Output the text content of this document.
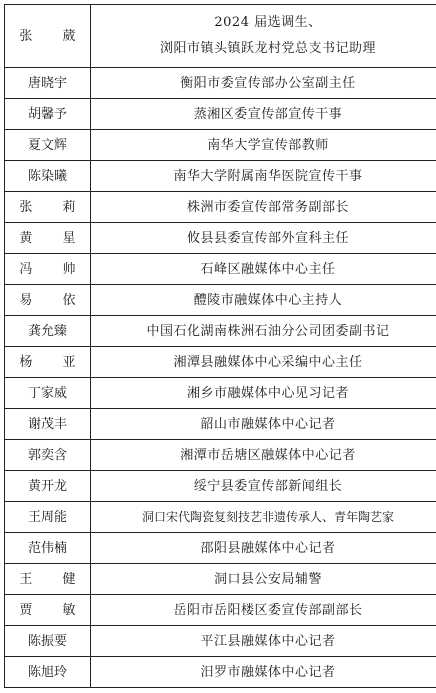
张 葳	2024 届选调生、
浏阳市镇头镇跃龙村党总支书记助理

唐晓宇	衡阳市委宣传部办公室副主任
胡馨予	蒸湘区委宣传部宣传干事
夏文辉	南华大学宣传部教师
陈染曦	南华大学附属南华医院宣传干事
张 莉	株洲市委宣传部常务副部长
黄 星	攸县县委宣传部外宣科主任
冯 帅	石峰区融媒体中心主任
易 依	醴陵市融媒体中心主持人
龚允臻	中国石化湖南株洲石油分公司团委副书记
杨 亚	湘潭县融媒体中心采编中心主任
丁家威	湘乡市融媒体中心见习记者
谢茂丰	韶山市融媒体中心记者
郭奕含	湘潭市岳塘区融媒体中心记者
黄开龙	绥宁县委宣传部新闻组长
王周能	洞口宋代陶瓷复刻技艺非遗传承人、青年陶艺家
范伟楠	邵阳县融媒体中心记者
王 健	洞口县公安局辅警
贾 敏	岳阳市岳阳楼区委宣传部副部长
陈振要	平江县融媒体中心记者
陈旭玲	汨罗市融媒体中心记者
